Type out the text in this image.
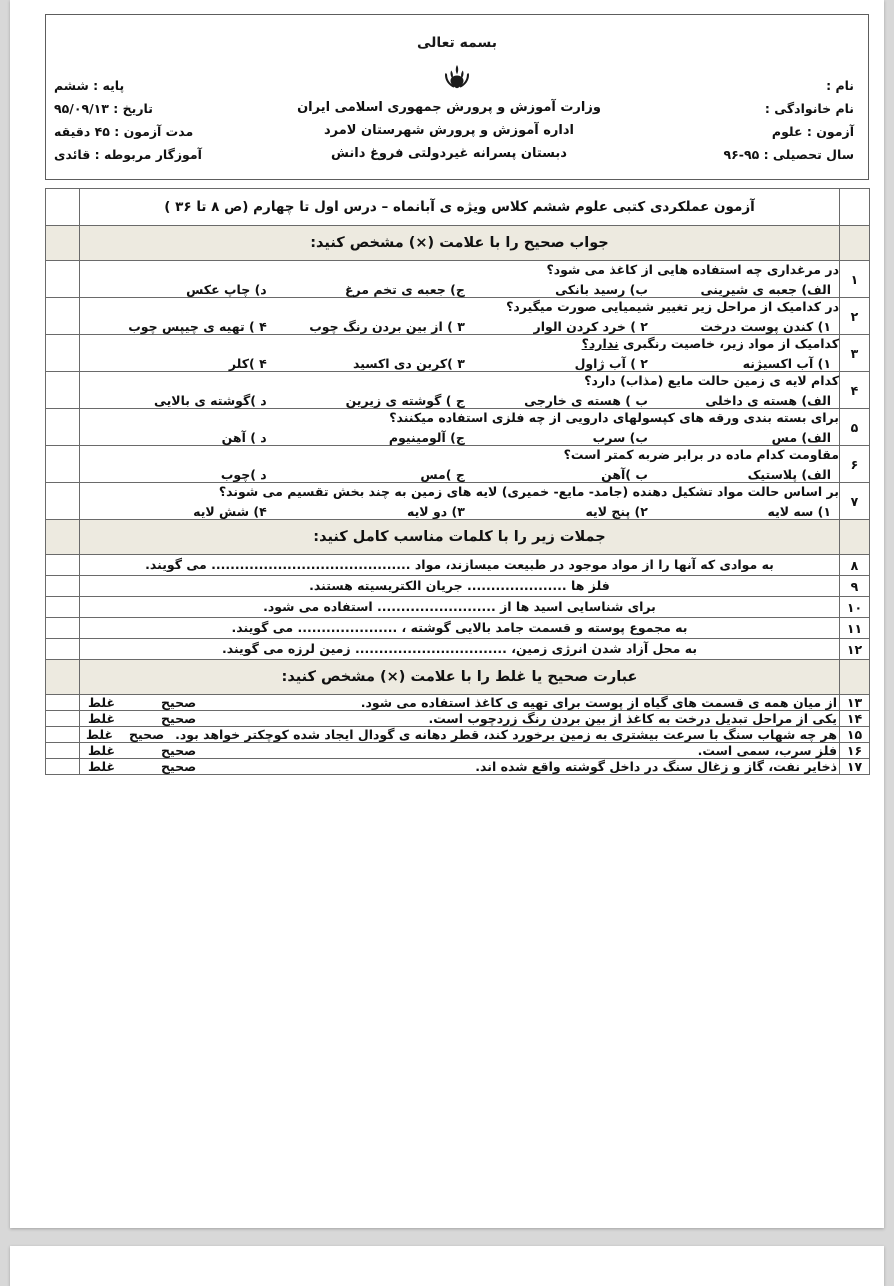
بسمه تعالی
نام :
نام خانوادگی :
آزمون : علوم
سال تحصیلی : ۹۵-۹۶
وزارت آموزش و پرورش جمهوری اسلامی ایران
اداره آموزش و پرورش شهرستان لامرد
دبستان پسرانه غیردولتی فروغ دانش
پایه : ششم
تاریخ : ۹۵/۰۹/۱۳
مدت آزمون : ۴۵ دقیقه
آموزگار مربوطه : قائدی
	آزمون عملکردی کتبی علوم ششم کلاس ویژه ی آبانماه – درس اول تا چهارم (ص ۸ تا ۳۶ )	
	جواب صحیح را با علامت (×) مشخص کنید:	
۱	در مرغداری چه استفاده هایی از کاغذ می شود؟
الف) جعبه ی شیرینی
ب) رسید بانکی
ج) جعبه ی تخم مرغ
د) چاپ عکس	

۲	در کدامیک از مراحل زیر تغییر شیمیایی صورت میگیرد؟
۱) کندن پوست درخت
۲ ) خرد کردن الوار
۳ ) از بین بردن رنگ چوب
۴ ) تهیه ی چیپس چوب	

۳	کدامیک از مواد زیر، خاصیت رنگبری ندارد؟
۱) آب اکسیژنه
۲ ) آب ژاول
۳ )کربن دی اکسید
۴ )کلر	

۴	کدام لایه ی زمین حالت مایع (مذاب) دارد؟
الف) هسته ی داخلی
ب ) هسته ی خارجی
ج ) گوشته ی زیرین
د )گوشته ی بالایی	

۵	برای بسته بندی ورقه های کپسولهای دارویی از چه فلزی استفاده میکنند؟
الف) مس
ب) سرب
ج) آلومینیوم
د ) آهن	

۶	مقاومت کدام ماده در برابر ضربه کمتر است؟
الف) پلاستیک
ب )آهن
ج )مس
د )چوب	

۷	بر اساس حالت مواد تشکیل دهنده (جامد- مایع- خمیری) لایه های زمین به چند بخش تقسیم می شوند؟
۱) سه لایه
۲) پنج لایه
۳) دو لایه
۴) شش لایه	

	جملات زیر را با کلمات مناسب کامل کنید:	
۸	به موادی که آنها را از مواد موجود در طبیعت میسازند، مواد .......................................... می گویند.	

۹	فلز ها ..................... جریان الکتریسیته هستند.	

۱۰	برای شناسایی اسید ها از ......................... استفاده می شود.	

۱۱	به مجموع پوسته و قسمت جامد بالایی گوشته ، ..................... می گویند.	

۱۲	به محل آزاد شدن انرژی زمین، ................................ زمین لرزه می گویند.	

	عبارت صحیح یا غلط را با علامت (×) مشخص کنید:	
۱۳	از میان همه ی قسمت های گیاه از پوست برای تهیه ی کاغذ استفاده می شود.
صحیح
غلط	

۱۴	یکی از مراحل تبدیل درخت به کاغذ از بین بردن رنگ زردچوب است.
صحیح
غلط	

۱۵	هر چه شهاب سنگ با سرعت بیشتری به زمین برخورد کند، قطر دهانه ی گودال ایجاد شده کوچکتر خواهد بود.
صحیح
غلط	

۱۶	فلز سرب، سمی است.
صحیح
غلط	

۱۷	ذخایر نفت، گاز و زغال سنگ در داخل گوشته واقع شده اند.
صحیح
غلط	
